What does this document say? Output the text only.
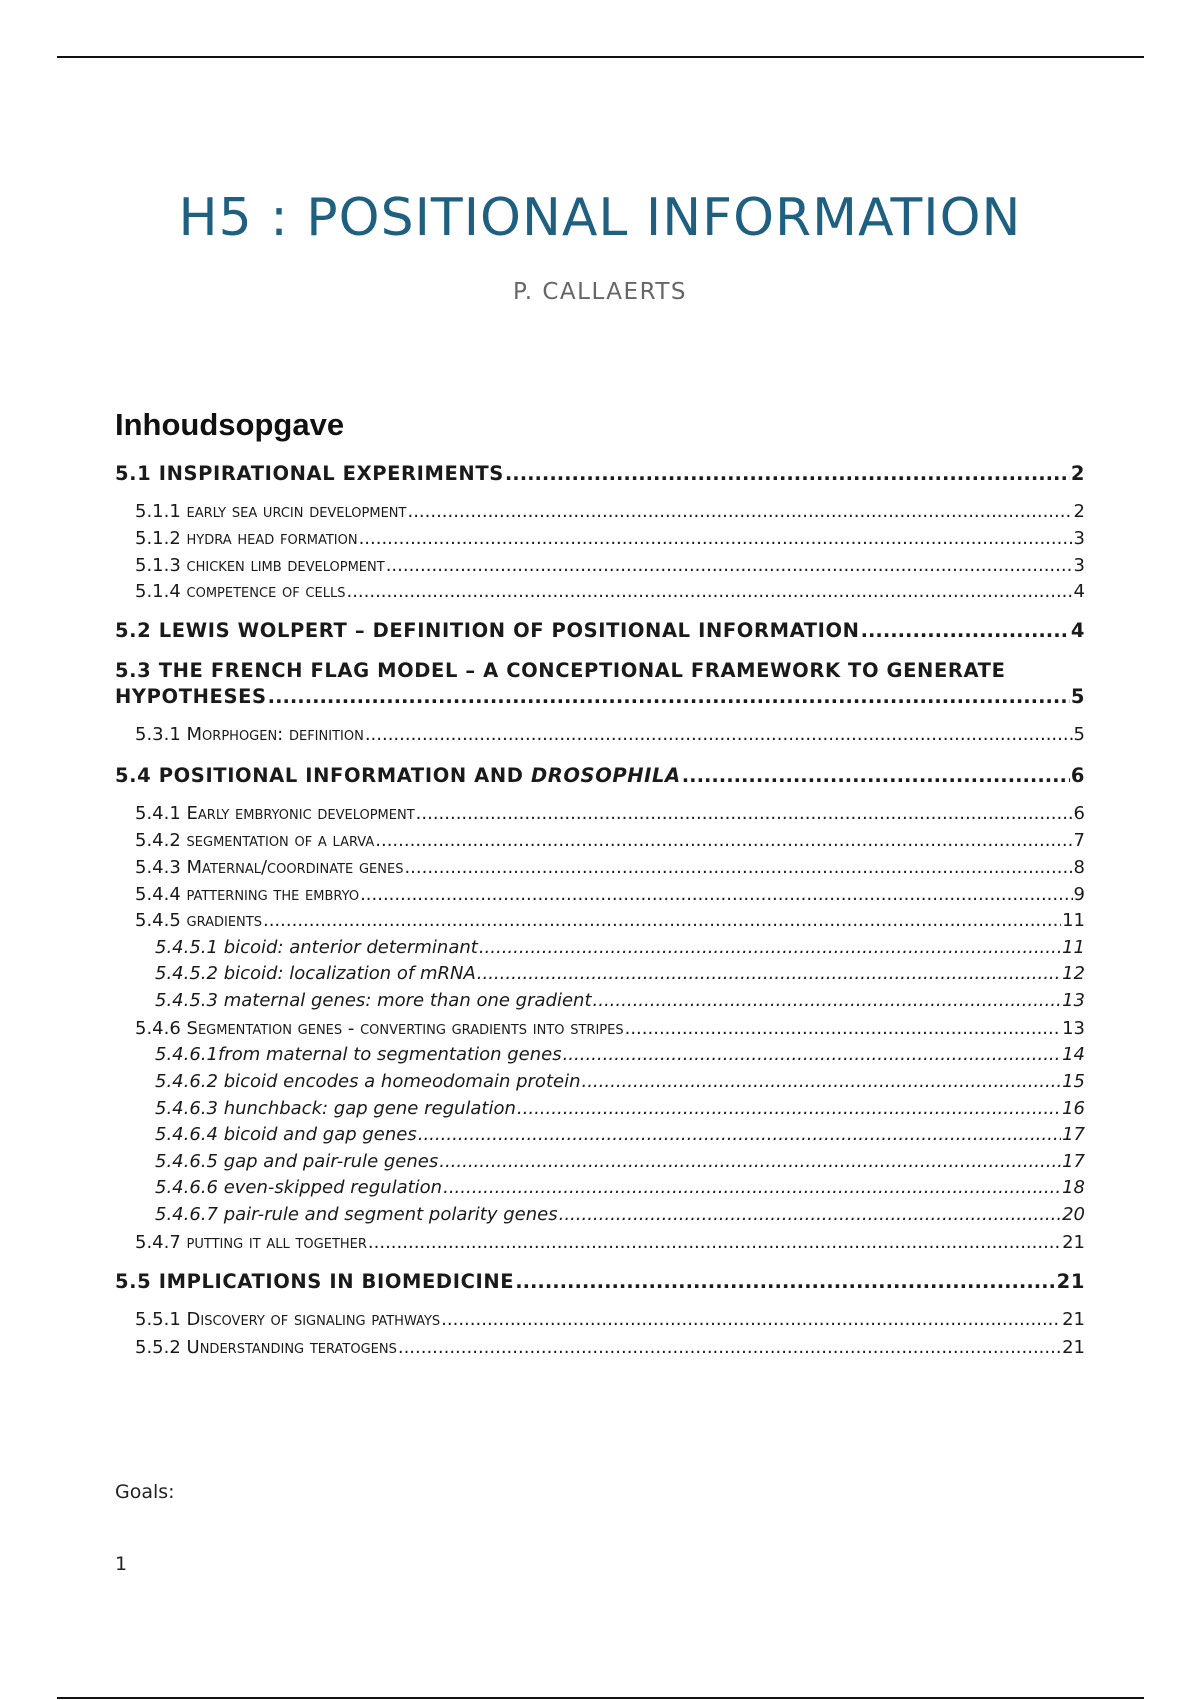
H5 : POSITIONAL INFORMATION
P. CALLAERTS
Inhoudsopgave
5.1 INSPIRATIONAL EXPERIMENTS .....	2
5.1.1 early sea urcin development .....	2
5.1.2 hydra head formation .....	3
5.1.3 chicken limb development .....	3
5.1.4 competence of cells .....	4
5.2 LEWIS WOLPERT – DEFINITION OF POSITIONAL INFORMATION .....	4
5.3 THE FRENCH FLAG MODEL – A CONCEPTIONAL FRAMEWORK TO GENERATE
HYPOTHESES .....	5
5.3.1 Morphogen: definition .....	5
5.4 POSITIONAL INFORMATION AND DROSOPHILA .....	6
5.4.1 Early embryonic development .....	6
5.4.2 segmentation of a larva .....	7
5.4.3 Maternal/coordinate genes .....	8
5.4.4 patterning the embryo .....	9
5.4.5 gradients .....	11
5.4.5.1 bicoid: anterior determinant .....	11
5.4.5.2 bicoid: localization of mRNA .....	12
5.4.5.3 maternal genes: more than one gradient .....	13
5.4.6 Segmentation genes - converting gradients into stripes .....	13
5.4.6.1from maternal to segmentation genes .....	14
5.4.6.2 bicoid encodes a homeodomain protein .....	15
5.4.6.3 hunchback: gap gene regulation .....	16
5.4.6.4 bicoid and gap genes .....	17
5.4.6.5 gap and pair-rule genes .....	17
5.4.6.6 even-skipped regulation .....	18
5.4.6.7 pair-rule and segment polarity genes .....	20
5.4.7 putting it all together .....	21
5.5 IMPLICATIONS IN BIOMEDICINE .....	21
5.5.1 Discovery of signaling pathways .....	21
5.5.2 Understanding teratogens .....	21
Goals:
1
